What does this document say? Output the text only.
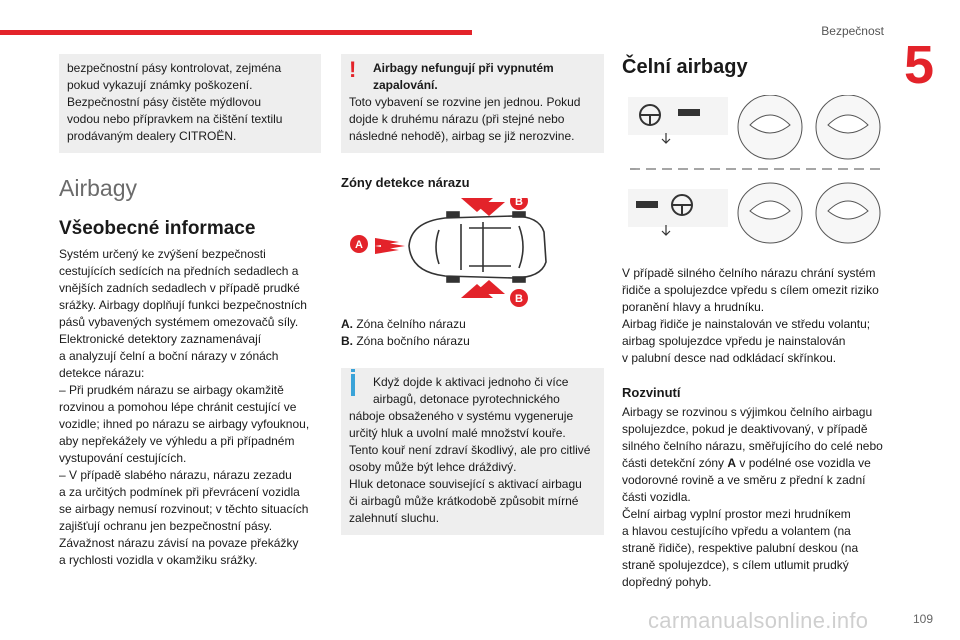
Bezpečnost
5

bezpečnostní pásy kontrolovat, zejména
pokud vykazují známky poškození.
Bezpečnostní pásy čistěte mýdlovou
vodou nebo přípravkem na čištění textilu
prodávaným dealery CITROËN.

Airbagy
Všeobecné informace

Systém určený ke zvýšení bezpečnosti
cestujících sedících na předních sedadlech a
vnějších zadních sedadlech v případě prudké
srážky. Airbagy doplňují funkci bezpečnostních
pásů vybavených systémem omezovačů síly.
Elektronické detektory zaznamenávají
a analyzují čelní a boční nárazy v zónách
detekce nárazu:
– Při prudkém nárazu se airbagy okamžitě
rozvinou a pomohou lépe chránit cestující ve
vozidle; ihned po nárazu se airbagy vyfouknou,
aby nepřekážely ve výhledu a při případném
vystupování cestujících.
– V případě slabého nárazu, nárazu zezadu
a za určitých podmínek při převrácení vozidla
se airbagy nemusí rozvinout; v těchto situacích
zajišťují ochranu jen bezpečnostní pásy.
Závažnost nárazu závisí na povaze překážky
a rychlosti vozidla v okamžiku srážky.

!	Airbagy nefungují při vypnutém
zapalování.

Toto vybavení se rozvine jen jednou. Pokud
dojde k druhému nárazu (při stejné nebo
následné nehodě), airbag se již nerozvine.

Zóny detekce nárazu
A
B
B
A. Zóna čelního nárazu
B. Zóna bočního nárazu

Když dojde k aktivaci jednoho či více
airbagů, detonace pyrotechnického

náboje obsaženého v systému vygeneruje
určitý hluk a uvolní malé množství kouře.
Tento kouř není zdraví škodlivý, ale pro citlivé
osoby může být lehce dráždivý.
Hluk detonace související s aktivací airbagu
či airbagů může krátkodobě způsobit mírné
zalehnutí sluchu.

Čelní airbagy

V případě silného čelního nárazu chrání systém
řidiče a spolujezdce vpředu s cílem omezit riziko
poranění hlavy a hrudníku.
Airbag řidiče je nainstalován ve středu volantu;
airbag spolujezdce vpředu je nainstalován
v palubní desce nad odkládací skřínkou.

Rozvinutí

Airbagy se rozvinou s výjimkou čelního airbagu
spolujezdce, pokud je deaktivovaný, v případě
silného čelního nárazu, směřujícího do celé nebo
části detekční zóny A v podélné ose vozidla ve
vodorovné rovině a ve směru z přední k zadní
části vozidla.
Čelní airbag vyplní prostor mezi hrudníkem
a hlavou cestujícího vpředu a volantem (na
straně řidiče), respektive palubní deskou (na
straně spolujezdce), s cílem utlumit prudký
dopředný pohyb.

carmanualsonline.info	109
